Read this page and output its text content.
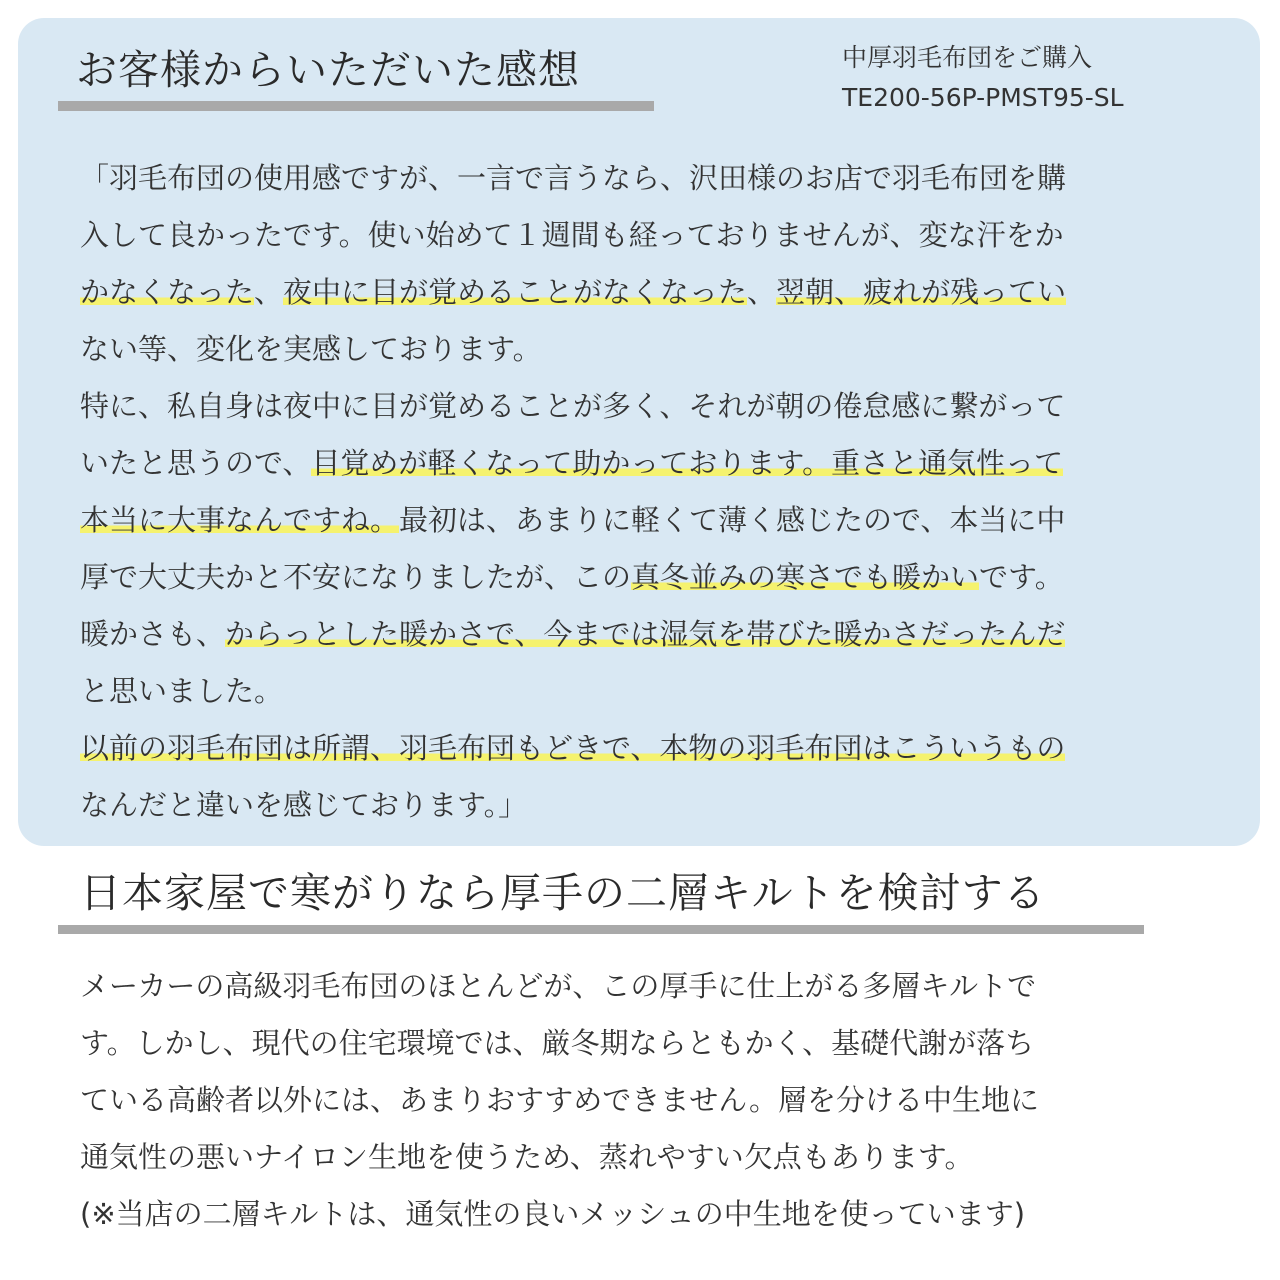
お客様からいただいた感想	中厚羽毛布団をご購入
TE200-56P-PMST95-SL
「羽毛布団の使用感ですが、一言で言うなら、沢田様のお店で羽毛布団を購
入して良かったです。使い始めて１週間も経っておりませんが、変な汗をか
かなくなった、夜中に目が覚めることがなくなった、翌朝、疲れが残ってい
ない等、変化を実感しております。
特に、私自身は夜中に目が覚めることが多く、それが朝の倦怠感に繋がって
いたと思うので、目覚めが軽くなって助かっております。重さと通気性って
本当に大事なんですね。最初は、あまりに軽くて薄く感じたので、本当に中
厚で大丈夫かと不安になりましたが、この真冬並みの寒さでも暖かいです。
暖かさも、からっとした暖かさで、今までは湿気を帯びた暖かさだったんだ
と思いました。
以前の羽毛布団は所謂、羽毛布団もどきで、本物の羽毛布団はこういうもの
なんだと違いを感じております。」
日本家屋で寒がりなら厚手の二層キルトを検討する
メーカーの高級羽毛布団のほとんどが、この厚手に仕上がる多層キルトで
す。しかし、現代の住宅環境では、厳冬期ならともかく、基礎代謝が落ち
ている高齢者以外には、あまりおすすめできません。層を分ける中生地に
通気性の悪いナイロン生地を使うため、蒸れやすい欠点もあります。
(※当店の二層キルトは、通気性の良いメッシュの中生地を使っています)
